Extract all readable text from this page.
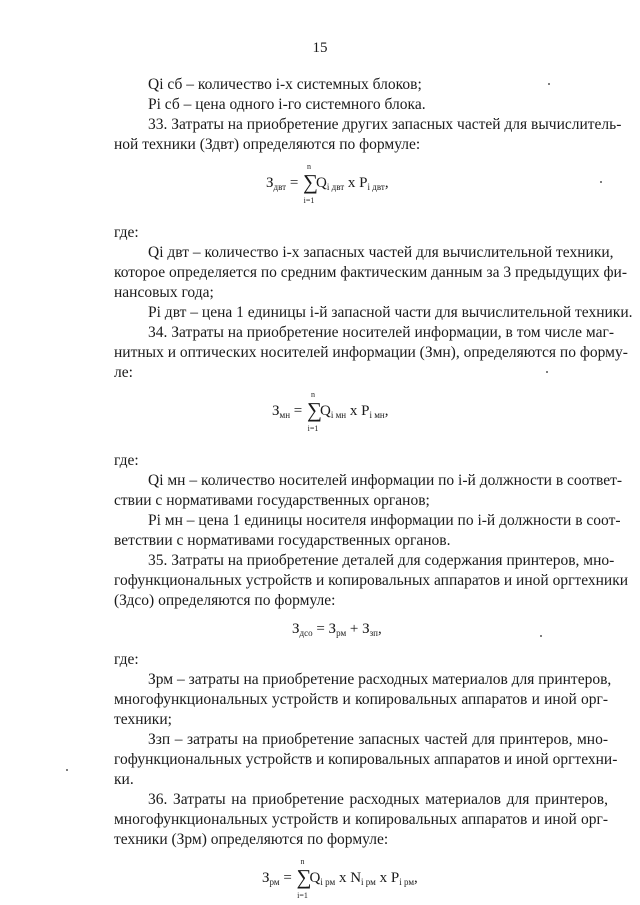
15
Qi сб – количество i-х системных блоков;
Pi сб – цена одного i-го системного блока.
33. Затраты на приобретение других запасных частей для вычислитель-
ной техники (Здвт) определяются по формуле:
$З_{двт}$ =
n
∑
i=1
$Q_{i двт}$ x $P_{i двт}$,
где:
Qi двт – количество i-х запасных частей для вычислительной техники,
которое определяется по средним фактическим данным за 3 предыдущих фи-
нансовых года;
Pi двт – цена 1 единицы i-й запасной части для вычислительной техники.
34. Затраты на приобретение носителей информации, в том числе маг-
нитных и оптических носителей информации (Змн), определяются по форму-
ле:
$З_{мн}$ =
n
∑
i=1
$Q_{i мн}$ x $P_{i мн}$,
где:
Qi мн – количество носителей информации по i-й должности в соответ-
ствии с нормативами государственных органов;
Pi мн – цена 1 единицы носителя информации по i-й должности в соот-
ветствии с нормативами государственных органов.
35. Затраты на приобретение деталей для содержания принтеров, мно-
гофункциональных устройств и копировальных аппаратов и иной оргтехники
(Здсо) определяются по формуле:
$З_{дсо} = З_{рм} + З_{зп}$,
где:
Зрм – затраты на приобретение расходных материалов для принтеров,
многофункциональных устройств и копировальных аппаратов и иной орг-
техники;
Ззп – затраты на приобретение запасных частей для принтеров, мно-
гофункциональных устройств и копировальных аппаратов и иной оргтехни-
ки.
36. Затраты на приобретение расходных материалов для принтеров,
многофункциональных устройств и копировальных аппаратов и иной орг-
техники (Зрм) определяются по формуле:
$З_{рм}$ =
n
∑
i=1
$Q_{i рм}$ x $N_{i рм}$ x $P_{i рм}$,
